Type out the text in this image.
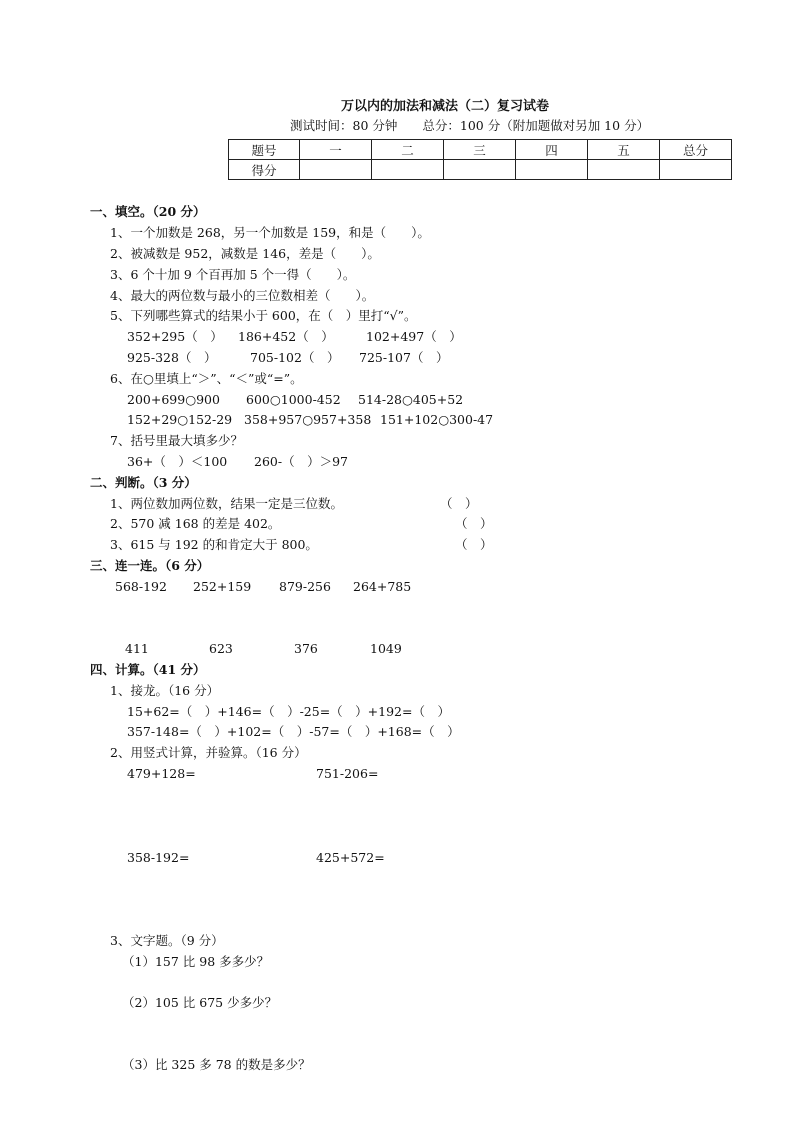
万以内的加法和减法（二）复习试卷
测试时间：80 分钟　　总分：100 分（附加题做对另加 10 分）
题号	一	二	三	四	五	总分
得分						
一、填空。（20 分）
1、一个加数是 268，另一个加数是 159，和是（　　）。
2、被减数是 952，减数是 146，差是（　　）。
3、6 个十加 9 个百再加 5 个一得（　　）。
4、最大的两位数与最小的三位数相差（　　）。
5、下列哪些算式的结果小于 600，在（　）里打“√”。
352+295（　） 186+452（　）	102+497（　）
925-328（　）	705-102（　） 725-107（　）
6、在○里填上“＞”、“＜”或“=”。
200+699○900 600○1000-452 514-28○405+52
152+29○152-29 358+957○957+358 151+102○300-47
7、括号里最大填多少？
36+（　）＜100 260-（　）＞97
二、判断。（3 分）
1、两位数加两位数，结果一定是三位数。	（　）
2、570 减 168 的差是 402。	（　）
3、615 与 192 的和肯定大于 800。	（　）
三、连一连。（6 分）
568-192 252+159 879-256 264+785
411	623	376	1049
四、计算。（41 分）
1、接龙。（16 分）
15+62=（　）+146=（　）-25=（　）+192=（　）
357-148=（　）+102=（　）-57=（　）+168=（　）
2、用竖式计算，并验算。（16 分）
479+128=	751-206=
358-192=	425+572=
3、文字题。（9 分）
（1）157 比 98 多多少？
（2）105 比 675 少多少？
（3）比 325 多 78 的数是多少？
